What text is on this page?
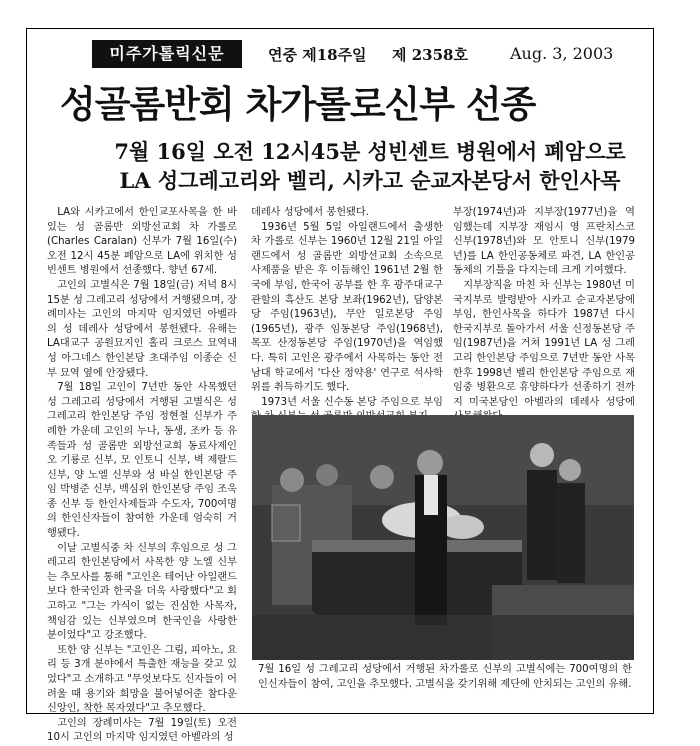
미주가톨릭신문	연중 제18주일 제 2358호	Aug. 3, 2003
성골롬반회 차가롤로신부 선종
7월 16일 오전 12시45분 성빈센트 병원에서 폐암으로
LA 성그레고리와 벨리, 시카고 순교자본당서 한인사목

LA와 시카고에서 한인교포사목을 한 바 있는 성 골롬반 외방선교회 차 가롤로(Charles Caralan) 신부가 7월 16일(수) 오전 12시 45분 폐암으로 LA에 위치한 성 빈센트 병원에서 선종했다. 향년 67세.

고인의 고별식은 7월 18일(금) 저녁 8시 15분 성 그레고리 성당에서 거행됐으며, 장례미사는 고인의 마지막 임지였던 아벨라의 성 데레사 성당에서 봉헌됐다. 유해는 LA대교구 공원묘지인 홀리 크로스 묘역내 성 아그네스 한인본당 초대주임 이종순 신부 묘역 옆에 안장됐다.

7월 18일 고인이 7년반 동안 사목했던 성 그레고리 성당에서 거행된 고별식은 성 그레고리 한인본당 주임 정현철 신부가 주례한 가운데 고인의 누나, 동생, 조카 등 유족들과 성 골롬반 외방선교회 동료사제인 오 기룡로 신부, 모 인토니 신부, 벽 제랄드 신부, 양 노엘 신부와 성 바실 한인본당 주임 박병준 신부, 백심위 한인본당 주임 조욱종 신부 등 한인사제들과 수도자, 700여명의 한인신자들이 참여한 가운데 엄숙히 거행됐다.

이날 고별식중 차 신부의 후임으로 성 그레고리 한인본당에서 사목한 양 노엘 신부는 추모사를 통해 "고인은 테어난 아일랜드보다 한국인과 한국을 더욱 사랑했다"고 회고하고 "그는 가식이 없는 진심한 사목자, 책임감 있는 신부였으며 한국인을 사랑한 분이었다"고 강조했다.

또한 양 신부는 "고인은 그림, 피아노, 요리 등 3개 분야에서 특출한 재능을 갖고 있었다"고 소개하고 "무엇보다도 신자들이 어려울 때 용기와 희망을 불어넣어준 참다운 신앙인, 착한 목자였다"고 추모했다.

고인의 장례미사는 7월 19일(토) 오전 10시 고인의 마지막 임지였던 아벨라의 성

데레사 성당에서 봉헌됐다.

1936년 5월 5일 아일랜드에서 출생한 차 가롤로 신부는 1960년 12월 21일 아일랜드에서 성 골롬반 외방선교회 소속으로 사제품을 받은 후 이듬해인 1961년 2월 한국에 부임, 한국어 공부를 한 후 광주대교구 관할의 흑산도 본당 보좌(1962년), 담양본당 주임(1963년), 무안 일로본당 주임(1965년), 광주 임동본당 주임(1968년), 목포 산정동본당 주임(1970년)을 역임했다. 특히 고인은 광주에서 사목하는 동안 전남대 학교에서 '다산 정약용' 연구로 석사학위를 취득하기도 했다.

1973년 서울 신수동 본당 주임으로 부임

부장(1974년)과 지부장(1977년)을 역임했는데 지부장 재임시 영 프란치스코 신부(1978년)와 모 안토니 신부(1979년)를 LA 한인공동체로 파견, LA 한인공동체의 기틀을 다지는데 크게 기여했다.

지부장직을 마친 차 신부는 1980년 미국지부로 발령받아 시카고 순교자본당에 부임, 한인사목을 하다가 1987년 다시 한국지부로 돌아가서 서울 신정동본당 주임(1987년)을 거쳐 1991년 LA 성 그레고리 한인본당 주임으로 7년반 동안 사목한후 1998년 벨리 한인본당 주임으로 재임중 병환으로 휴양하다가 선종하기 전까지 미국본당인 아벨라의 데레사 성당에

7월 16일 성 그레고리 성당에서 거행된 차가롤로 신부의 고별식에는 700여명의 한인신자들이 참여, 고인을 추모했다. 고별식을 갖기위해 제단에 안치되는 고인의 유해.
